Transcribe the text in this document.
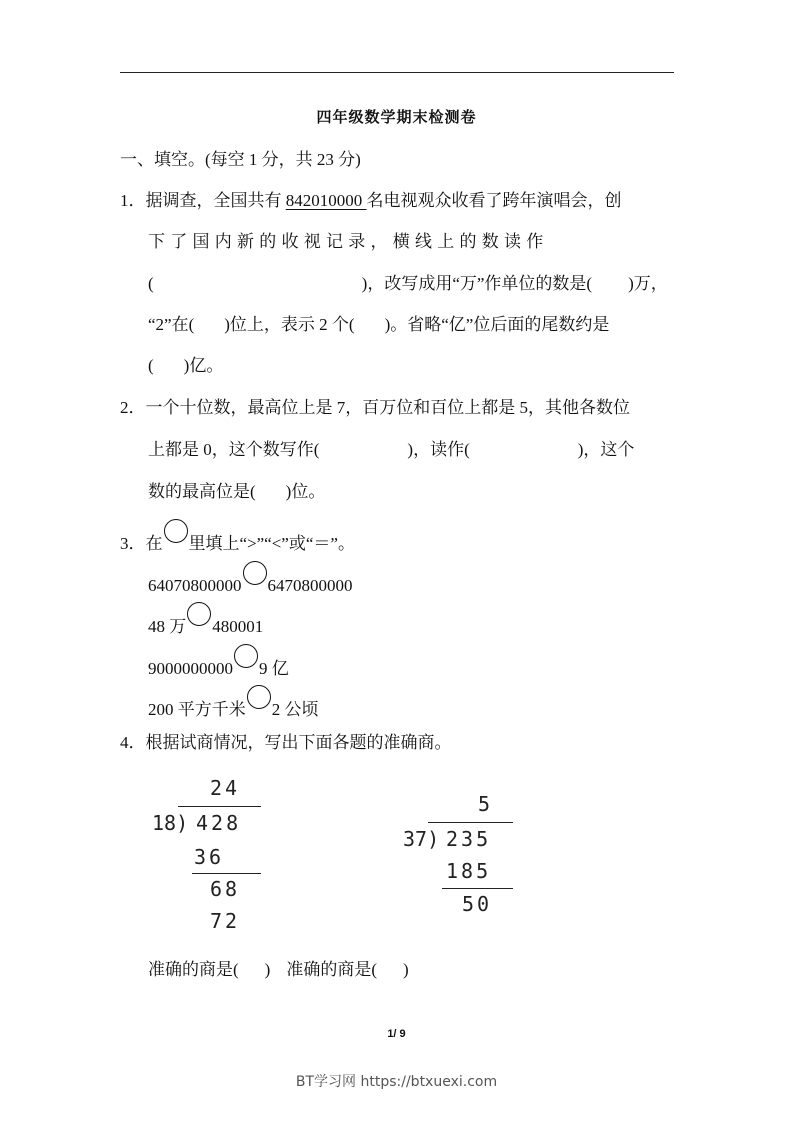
四年级数学期末检测卷
一、填空。(每空 1 分，共 23 分)
1．据调查，全国共有 842010000 名电视观众收看了跨年演唱会，创
下 了 国 内 新 的 收 视 记 录 ， 横 线 上 的 数 读 作
(	)，改写成用“万”作单位的数是( )万，
“2”在( )位上，表示 2 个( )。省略“亿”位后面的尾数约是
( )亿。
2．一个十位数，最高位上是 7，百万位和百位上都是 5，其他各数位
上都是 0，这个数写作(	)，读作(	)，这个
数的最高位是( )位。
3．在 里填上“>”“<”或“＝”。
64070800000 6470800000
48 万 480001
9000000000 9 亿
200 平方千米 2 公顷
4．根据试商情况，写出下面各题的准确商。
24
18) 428
36
68
72
5
37) 235
185
50
准确的商是( ) 准确的商是( )
1/ 9
BT学习网 https://btxuexi.com
